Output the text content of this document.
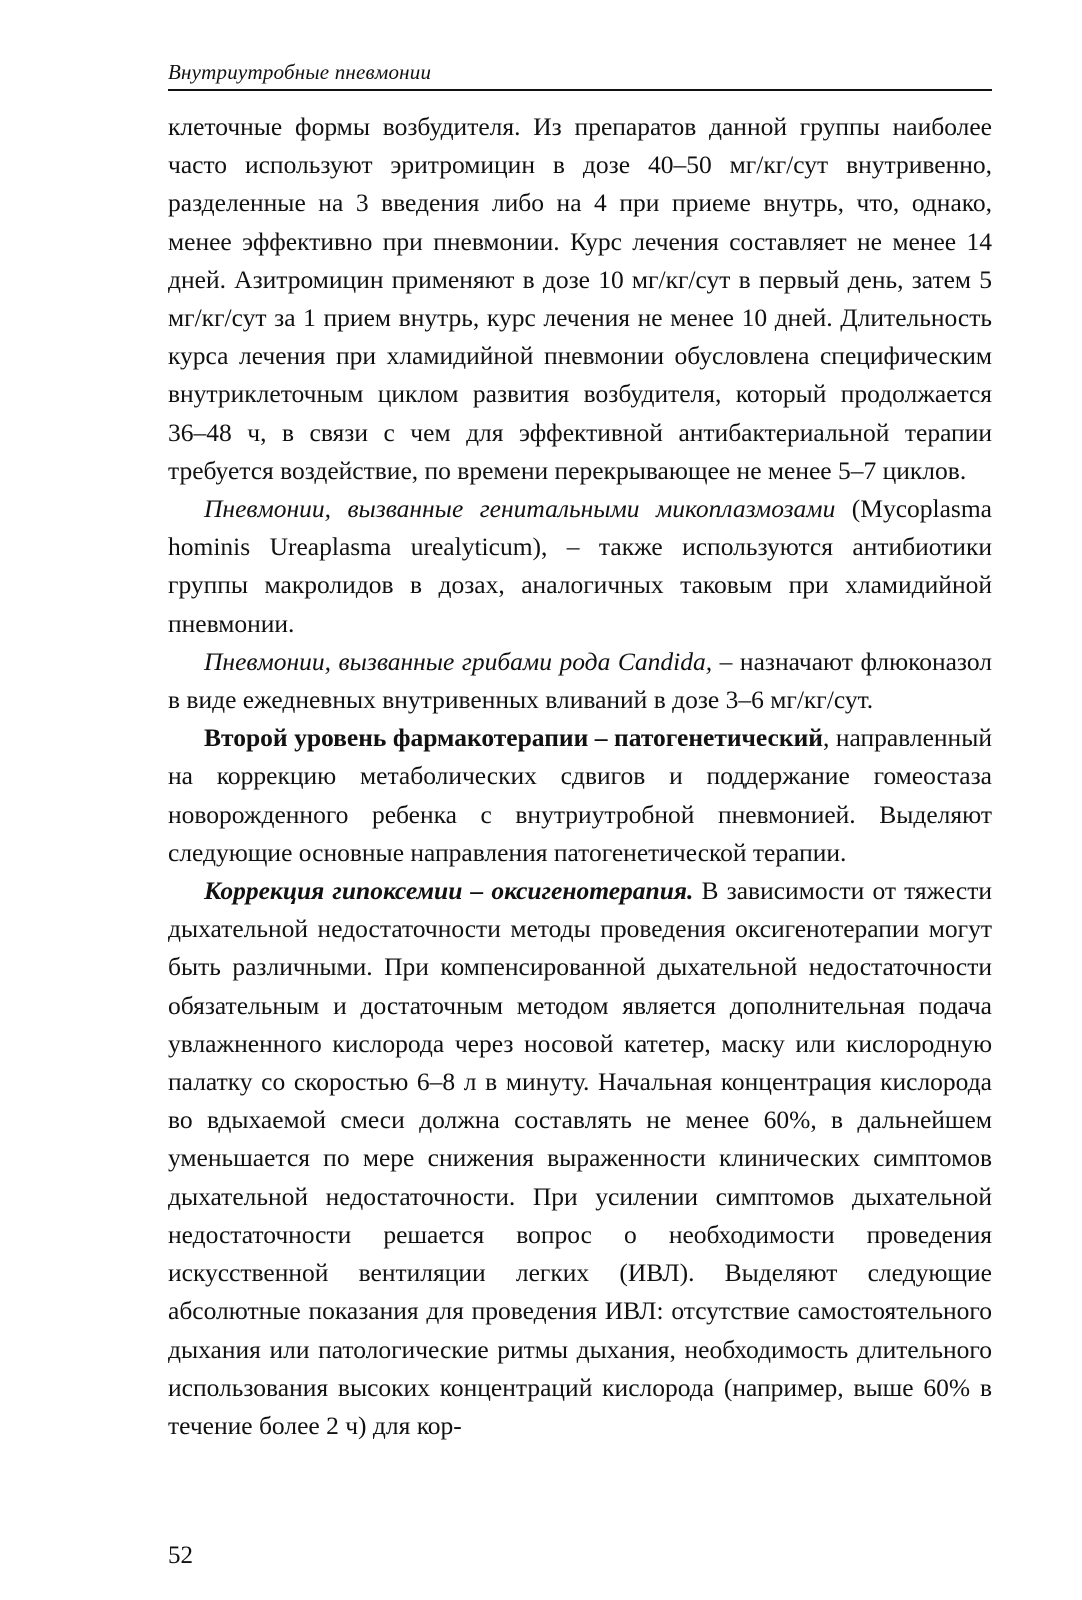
Внутриутробные пневмонии

клеточные формы возбудителя. Из препаратов данной группы наиболее часто используют эритромицин в дозе 40–50 мг/кг/сут внутривенно, разделенные на 3 введения либо на 4 при приеме внутрь, что, однако, менее эффективно при пневмонии. Курс лечения составляет не менее 14 дней. Азитромицин применяют в дозе 10 мг/кг/сут в первый день, затем 5 мг/кг/сут за 1 прием внутрь, курс лечения не менее 10 дней. Длительность курса лечения при хламидийной пневмонии обусловлена специфическим внутриклеточным циклом развития возбудителя, который продолжается 36–48 ч, в связи с чем для эффективной антибактериальной терапии требуется воздействие, по времени перекрывающее не менее 5–7 циклов.

Пневмонии, вызванные генитальными микоплазмозами (Mycoplasma hominis Ureaplasma urealyticum), – также используются антибиотики группы макролидов в дозах, аналогичных таковым при хламидийной пневмонии.

Пневмонии, вызванные грибами рода Candida, – назначают флюконазол в виде ежедневных внутривенных вливаний в дозе 3–6 мг/кг/сут.

Второй уровень фармакотерапии – патогенетический, направленный на коррекцию метаболических сдвигов и поддержание гомеостаза новорожденного ребенка с внутриутробной пневмонией. Выделяют следующие основные направления патогенетической терапии.

Коррекция гипоксемии – оксигенотерапия. В зависимости от тяжести дыхательной недостаточности методы проведения оксигенотерапии могут быть различными. При компенсированной дыхательной недостаточности обязательным и достаточным методом является дополнительная подача увлажненного кислорода через носовой катетер, маску или кислородную палатку со скоростью 6–8 л в минуту. Начальная концентрация кислорода во вдыхаемой смеси должна составлять не менее 60%, в дальнейшем уменьшается по мере снижения выраженности клинических симптомов дыхательной недостаточности. При усилении симптомов дыхательной недостаточности решается вопрос о необходимости проведения искусственной вентиляции легких (ИВЛ). Выделяют следующие абсолютные показания для проведения ИВЛ: отсутствие самостоятельного дыхания или патологические ритмы дыхания, необходимость длительного использования высоких концентраций кислорода (например, выше 60% в течение более 2 ч) для кор-

52
